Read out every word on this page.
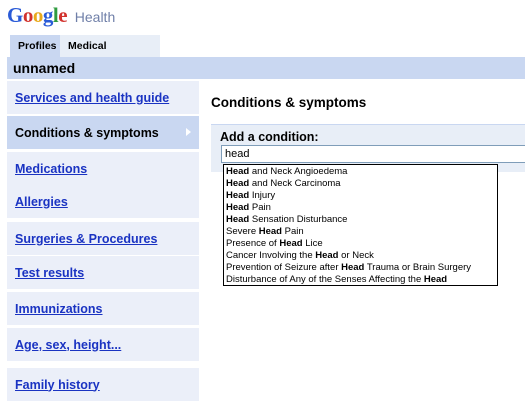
Google Health
Profiles	Medical
unnamed
Services and health guide
Conditions & symptoms
Medications
Allergies
Surgeries & Procedures
Test results
Immunizations
Age, sex, height...
Family history
Conditions & symptoms
Add a condition:
head
Head and Neck Angioedema
Head and Neck Carcinoma
Head Injury
Head Pain
Head Sensation Disturbance
Severe Head Pain
Presence of Head Lice
Cancer Involving the Head or Neck
Prevention of Seizure after Head Trauma or Brain Surgery
Disturbance of Any of the Senses Affecting the Head
